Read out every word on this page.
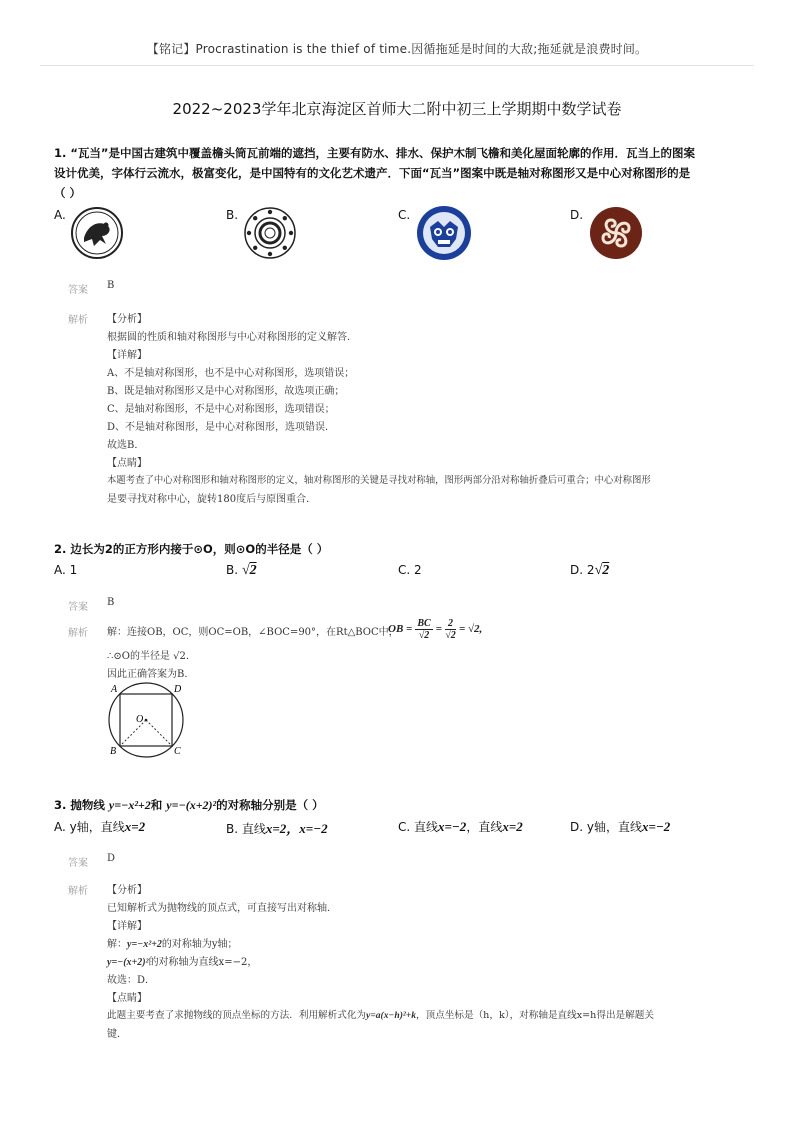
【铭记】Procrastination is the thief of time.因循拖延是时间的大敌;拖延就是浪费时间。
2022~2023学年北京海淀区首师大二附中初三上学期期中数学试卷
1. “瓦当”是中国古建筑中覆盖檐头筒瓦前端的遮挡，主要有防水、排水、保护木制飞檐和美化屋面轮廓的作用．瓦当上的图案
设计优美，字体行云流水，极富变化，是中国特有的文化艺术遗产．下面“瓦当”图案中既是轴对称图形又是中心对称图形的是
（ ）
A.	B.	C.	D.
答案 B
解析 【分析】
根据圆的性质和轴对称图形与中心对称图形的定义解答．
【详解】
A、不是轴对称图形，也不是中心对称图形，选项错误；
B、既是轴对称图形又是中心对称图形，故选项正确；
C、是轴对称图形，不是中心对称图形，选项错误；
D、不是轴对称图形，是中心对称图形，选项错误．
故选B．
【点睛】
本题考查了中心对称图形和轴对称图形的定义，轴对称图形的关键是寻找对称轴，图形两部分沿对称轴折叠后可重合；中心对称图形
是要寻找对称中心，旋转180度后与原图重合．
2. 边长为2的正方形内接于⊙O，则⊙O的半径是（ ）
A. 1	B. √2	C. 2	D. 2√2
答案 B
解析 解：连接OB，OC，则OC=OB，∠BOC=90°，在Rt△BOC中，
OB = $\frac{BC}{√2} = \frac{2}{√2} = √2$,
∴⊙O的半径是 √2．
因此正确答案为B．
A	D
O
B	C
3. 抛物线 y=−x²+2和 y=−(x+2)²的对称轴分别是（ ）
A. y轴，直线x=2	B. 直线x=2，x=−2	C. 直线x=−2，直线x=2	D. y轴，直线x=−2
答案 D
解析 【分析】
已知解析式为抛物线的顶点式，可直接写出对称轴．
【详解】
解：y=−x²+2的对称轴为y轴；
y=−(x+2)²的对称轴为直线x=−2，
故选：D．
【点睛】
此题主要考查了求抛物线的顶点坐标的方法．利用解析式化为y=a(x−h)²+k，顶点坐标是（h，k），对称轴是直线x=h得出是解题关
键．
